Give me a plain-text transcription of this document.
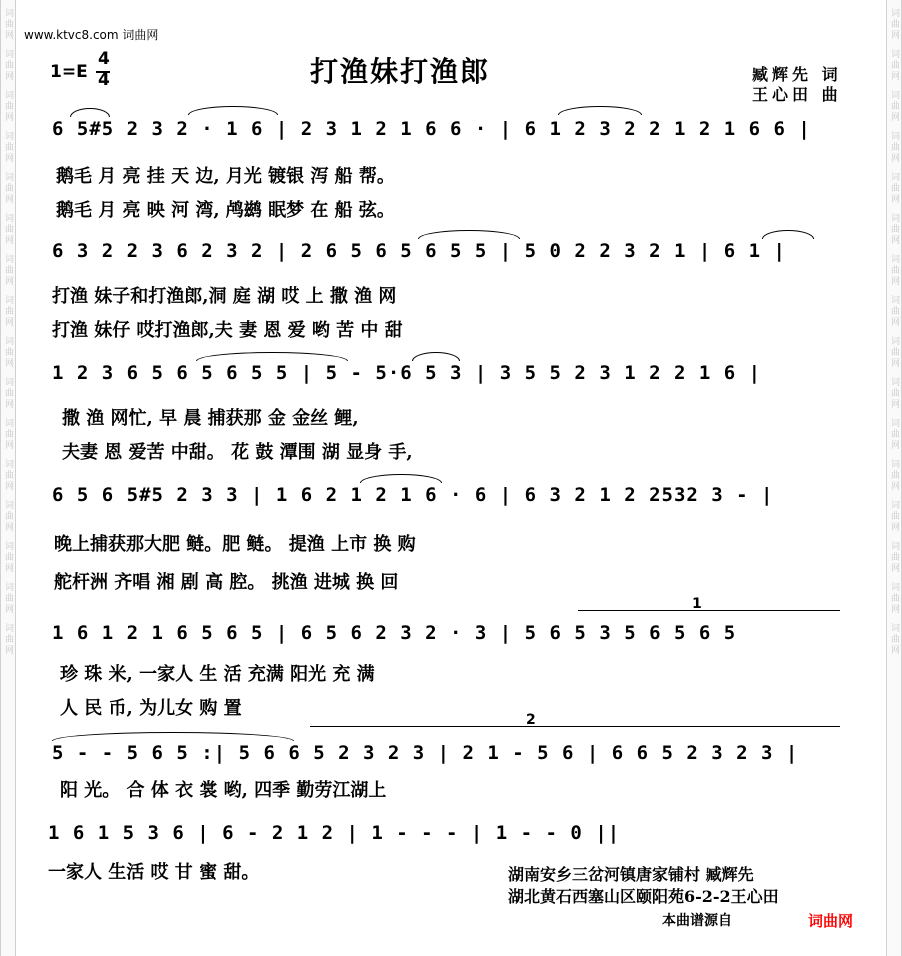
词曲网
词曲网
词曲网
词曲网
词曲网
词曲网
词曲网
词曲网
词曲网
词曲网
词曲网
词曲网
词曲网
词曲网
词曲网
词曲网
词曲网
词曲网
词曲网
词曲网
词曲网
词曲网
词曲网
词曲网
词曲网
词曲网
词曲网
词曲网
词曲网
词曲网
词曲网
词曲网
www.ktvc8.com 词曲网
1=E
4
4	打渔妹打渔郎	臧辉先 词
王心田 曲
6 5#5 2 3 2 · 1 6 | 2 3 1 2 1 6 6 · | 6 1 2 3 2 2 1 2 1 6 6 |
鹅毛 月 亮 挂 天 边, 月光 镀银 泻 船 帮。
鹅毛 月 亮 映 河 湾, 鸬鹚 眠梦 在 船 弦。
6 3 2 2 3 6 2 3 2 | 2 6 5 6 5 6 5 5 | 5 0 2 2 3 2 1 | 6 1 |
打渔 妹子和打渔郎,洞 庭 湖 哎 上 撒 渔 网
打渔 妹仔 哎打渔郎,夫 妻 恩 爱 哟 苦 中 甜
1 2 3 6 5 6 5 6 5 5 | 5 - 5·6 5 3 | 3 5 5 2 3 1 2 2 1 6 |
撒 渔 网忙, 早 晨 捕获那 金 金丝 鲤,
夫妻 恩 爱苦 中甜。 花 鼓 潭围 湖 显身 手,
6 5 6 5#5 2 3 3 | 1 6 2 1 2 1 6 · 6 | 6 3 2 1 2 2532 3 - |
晚上捕获那大肥 鲢。肥 鲢。 提渔 上市 换 购
舵杆洲 齐唱 湘 剧 高 腔。 挑渔 进城 换 回
1
1 6 1 2 1 6 5 6 5 | 6 5 6 2 3 2 · 3 | 5 6 5 3 5 6 5 6 5
珍 珠 米, 一家人 生 活 充满 阳光 充 满
人 民 币, 为儿女 购 置
2
5 - - 5 6 5 :| 5 6 6 5 2 3 2 3 | 2 1 - 5 6 | 6 6 5 2 3 2 3 |
阳 光。 合 体 衣 裳 哟, 四季 勤劳江湖上
1 6 1 5 3 6 | 6 - 2 1 2 | 1 - - - | 1 - - 0 ||
一家人 生活 哎 甘 蜜 甜。	湖南安乡三岔河镇唐家铺村 臧辉先
湖北黄石西塞山区颐阳苑6-2-2王心田
本曲谱源自	词曲网
